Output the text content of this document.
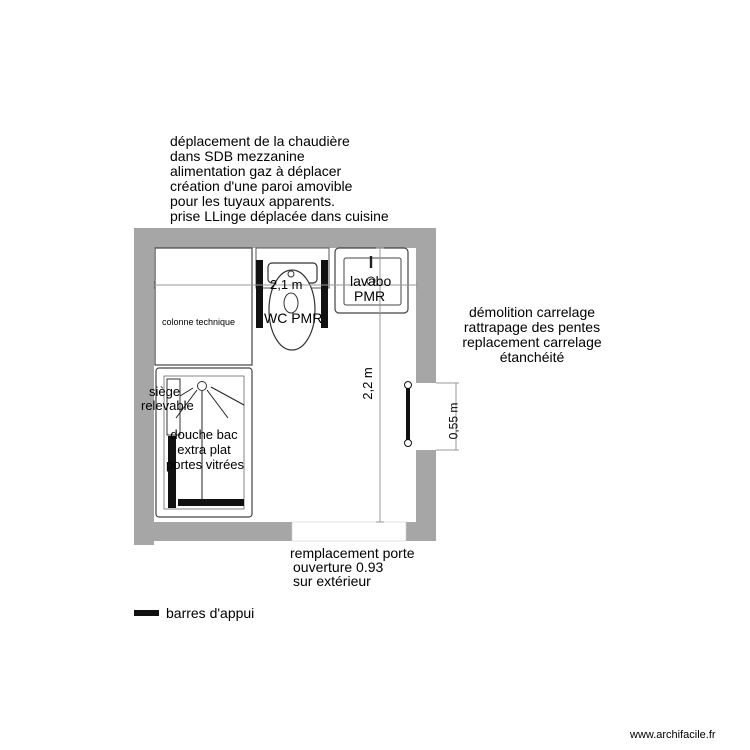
déplacement de la chaudière
dans SDB mezzanine
alimentation gaz à déplacer
création d'une paroi amovible
pour les tuyaux apparents.
prise LLinge déplacée dans cuisine
démolition carrelage
rattrapage des pentes
replacement carrelage
étanchéité
remplacement porte
ouverture 0.93
sur extérieur
colonne technique WC PMR
lavabo
PMR
siège
relevable
douche bac
extra plat
portes vitrées
2,1 m
2,2 m
0,55 m
barres d'appui
www.archifacile.fr
